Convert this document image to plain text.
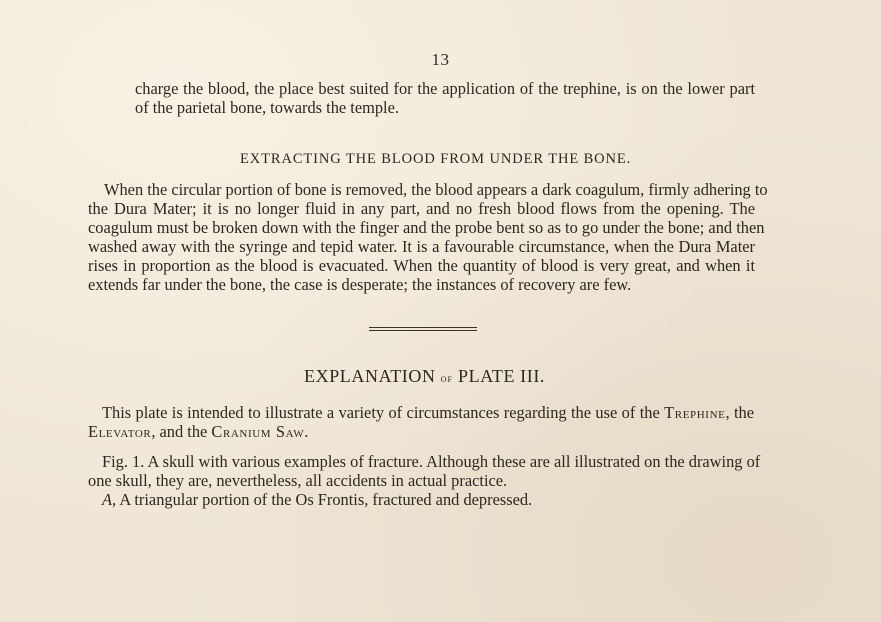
13
charge the blood, the place best suited for the application of the trephine, is on the lower part
of the parietal bone, towards the temple.
EXTRACTING THE BLOOD FROM UNDER THE BONE.
When the circular portion of bone is removed, the blood appears a dark coagulum, firmly adhering to
the Dura Mater; it is no longer fluid in any part, and no fresh blood flows from the opening. The
coagulum must be broken down with the finger and the probe bent so as to go under the bone; and then
washed away with the syringe and tepid water. It is a favourable circumstance, when the Dura Mater
rises in proportion as the blood is evacuated. When the quantity of blood is very great, and when it
extends far under the bone, the case is desperate; the instances of recovery are few.
EXPLANATION of PLATE III.
This plate is intended to illustrate a variety of circumstances regarding the use of the Trephine, the
Elevator, and the Cranium Saw.
Fig. 1. A skull with various examples of fracture. Although these are all illustrated on the drawing of
one skull, they are, nevertheless, all accidents in actual practice.
A, A triangular portion of the Os Frontis, fractured and depressed.
